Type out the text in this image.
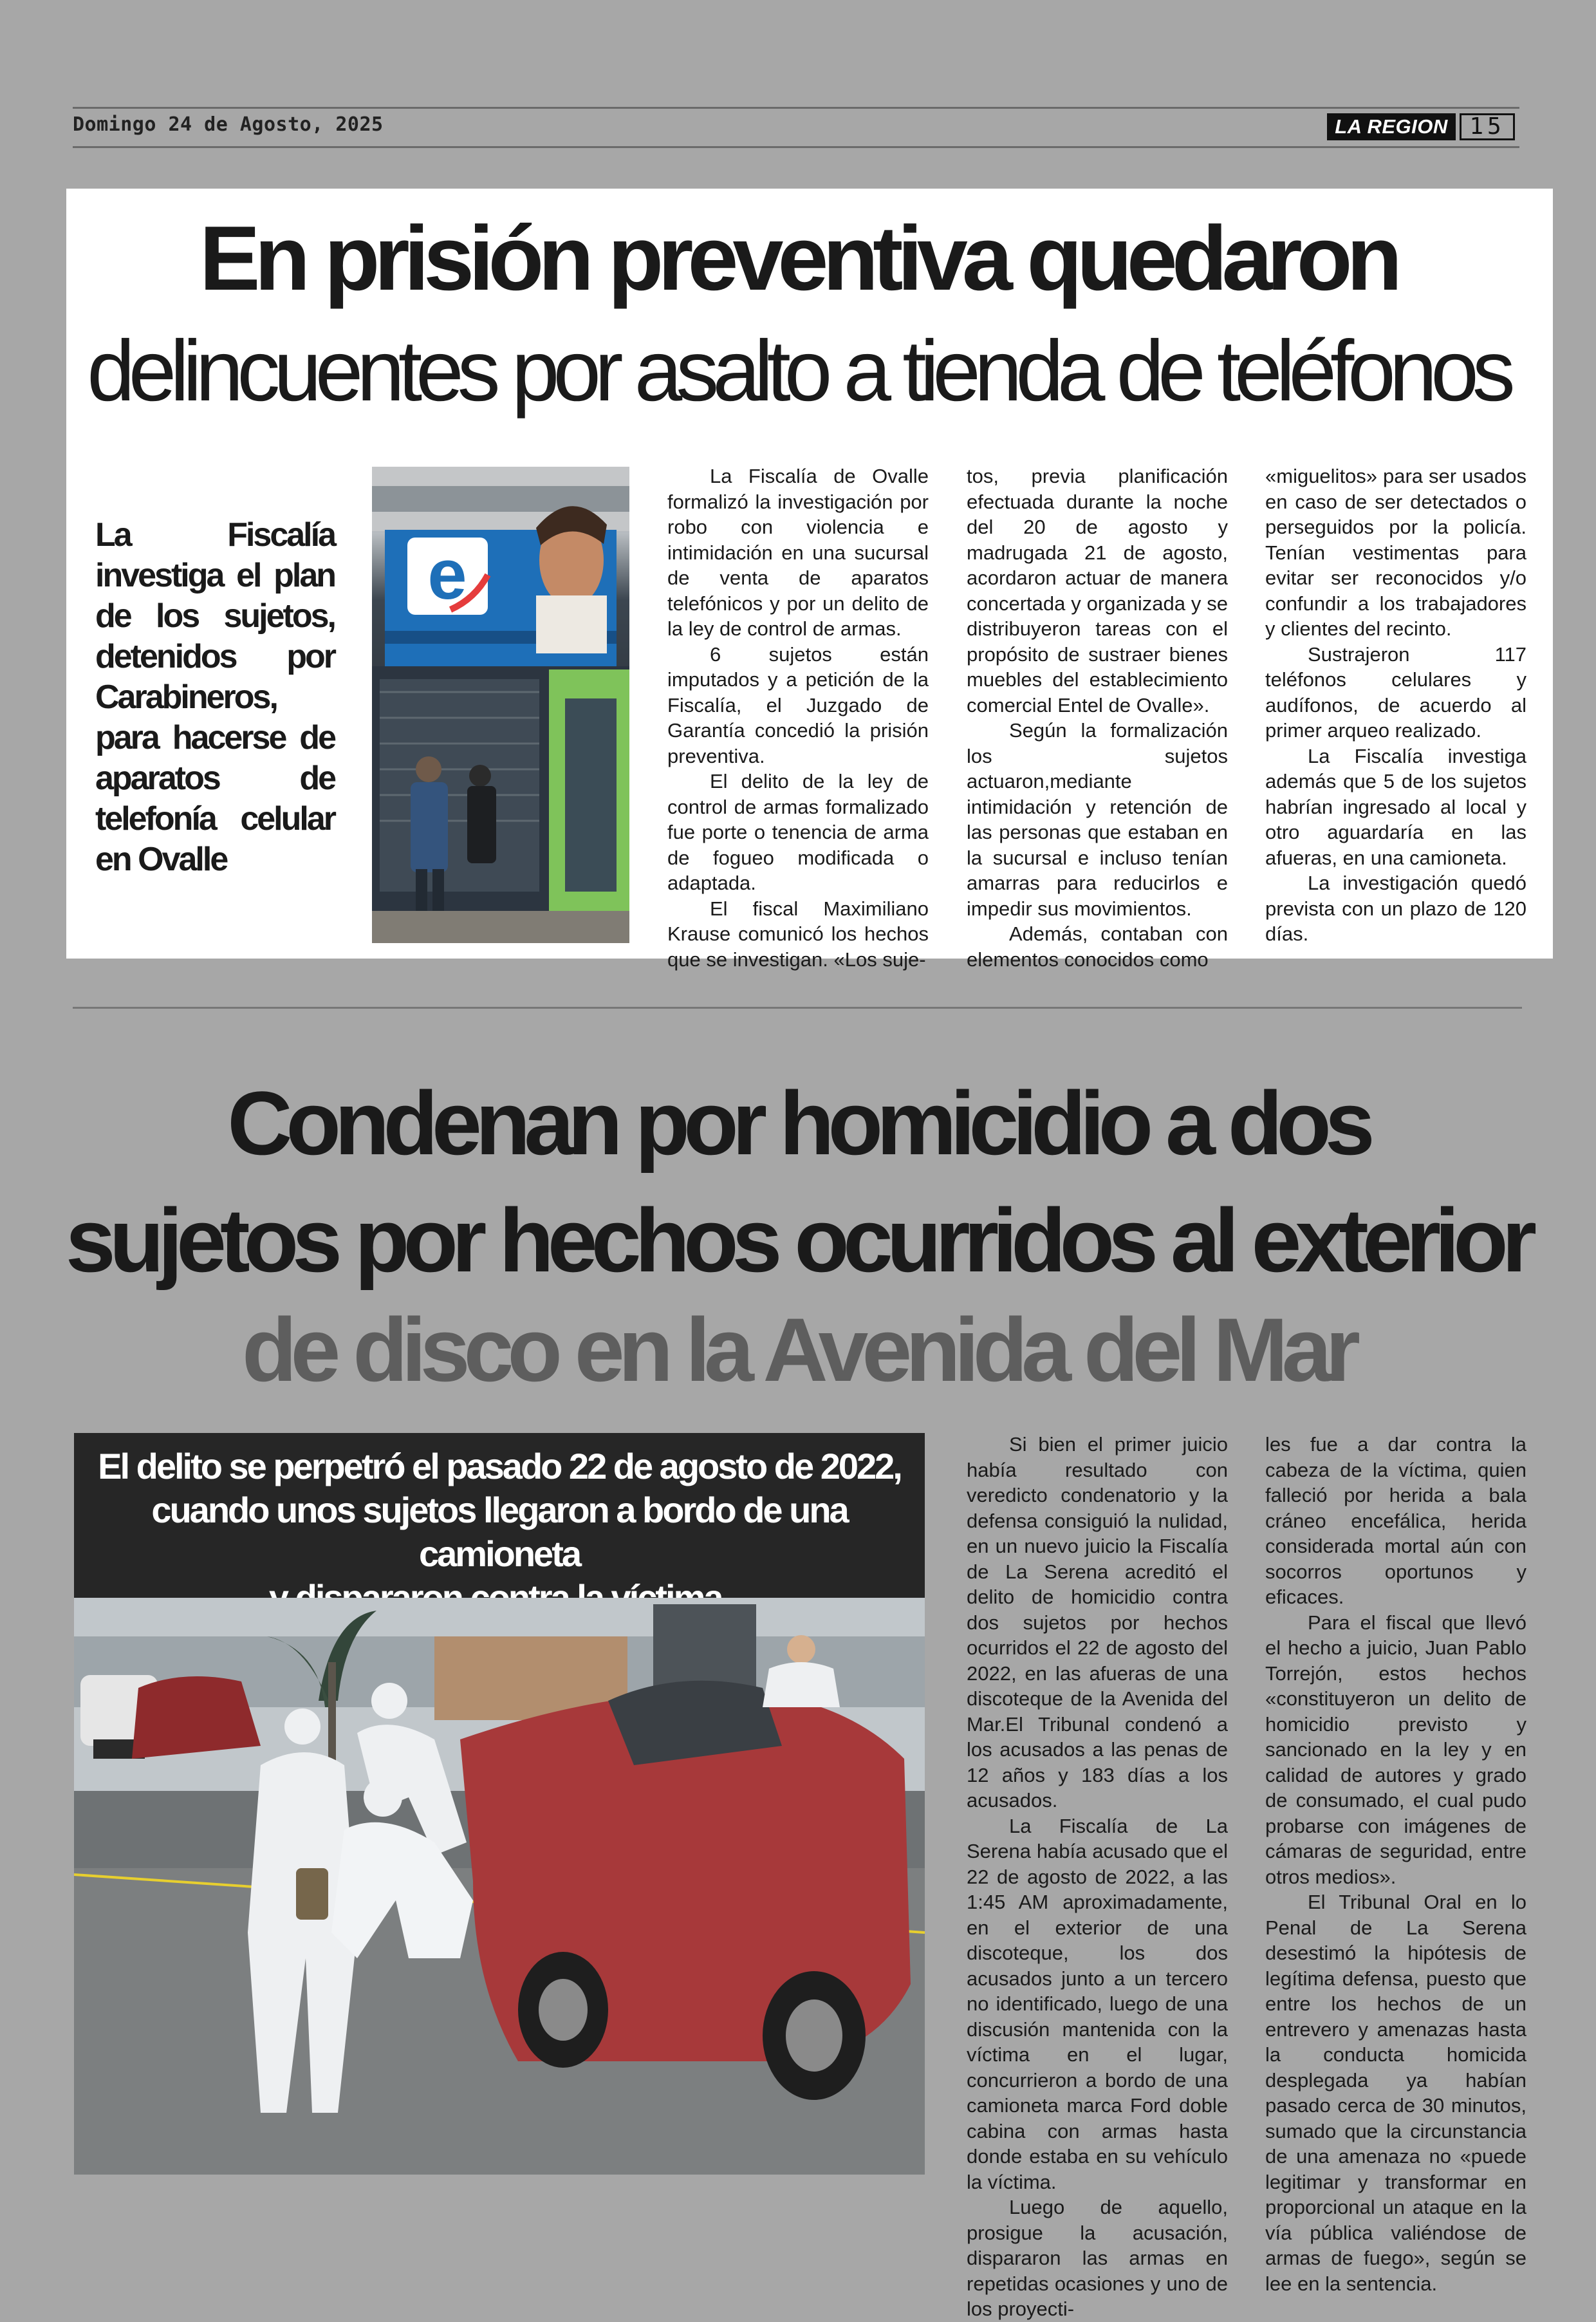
Domingo 24 de Agosto, 2025	LA REGION 15
En prisión preventiva quedaron
delincuentes por asalto a tienda de teléfonos
La Fiscalía investiga el plan de los sujetos, detenidos por Carabineros, para hacerse de aparatos de telefonía celular en Ovalle
e

La Fiscalía de Ovalle formalizó la investigación por robo con violencia e intimidación en una sucursal de venta de aparatos telefónicos y por un delito de la ley de control de armas.

6 sujetos están imputados y a petición de la Fiscalía, el Juzgado de Garantía concedió la prisión preventiva.

El delito de la ley de control de armas formalizado fue porte o tenencia de arma de fogueo modificada o adaptada.

El fiscal Maximiliano Krause comunicó los hechos que se investigan. «Los suje-

tos, previa planificación efectuada durante la noche del 20 de agosto y madrugada 21 de agosto, acordaron actuar de manera concertada y organizada y se distribuyeron tareas con el propósito de sustraer bienes muebles del establecimiento comercial Entel de Ovalle».

Según la formalización los sujetos actuaron,mediante intimidación y retención de las personas que estaban en la sucursal e incluso tenían amarras para reducirlos e impedir sus movimientos.

Además, contaban con elementos conocidos como

«miguelitos» para ser usados en caso de ser detectados o perseguidos por la policía. Tenían vestimentas para evitar ser reconocidos y/o confundir a los trabajadores y clientes del recinto.

Sustrajeron 117 teléfonos celulares y audífonos, de acuerdo al primer arqueo realizado.

La Fiscalía investiga además que 5 de los sujetos habrían ingresado al local y otro aguardaría en las afueras, en una camioneta.

La investigación quedó prevista con un plazo de 120 días.

Condenan por homicidio a dos
sujetos por hechos ocurridos al exterior
de disco en la Avenida del Mar
El delito se perpetró el pasado 22 de agosto de 2022,
cuando unos sujetos llegaron a bordo de una camioneta

Si bien el primer juicio había resultado con veredicto condenatorio y la defensa consiguió la nulidad, en un nuevo juicio la Fiscalía de La Serena acreditó el delito de homicidio contra dos sujetos por hechos ocurridos el 22 de agosto del 2022, en las afueras de una discoteque de la Avenida del Mar.El Tribunal condenó a los acusados a las penas de 12 años y 183 días a los acusados.

La Fiscalía de La Serena había acusado que el 22 de agosto de 2022, a las 1:45 AM aproximadamente, en el exterior de una discoteque, los dos acusados junto a un tercero no identificado, luego de una discusión mantenida con la víctima en el lugar, concurrieron a bordo de una camioneta marca Ford doble cabina con armas hasta donde estaba en su vehículo la víctima.

Luego de aquello, prosigue la acusación, dispararon las armas en repetidas ocasiones y uno de los proyecti-

les fue a dar contra la cabeza de la víctima, quien falleció por herida a bala cráneo encefálica, herida considerada mortal aún con socorros oportunos y eficaces.

Para el fiscal que llevó el hecho a juicio, Juan Pablo Torrejón, estos hechos «constituyeron un delito de homicidio previsto y sancionado en la ley y en calidad de autores y grado de consumado, el cual pudo probarse con imágenes de cámaras de seguridad, entre otros medios».

El Tribunal Oral en lo Penal de La Serena desestimó la hipótesis de legítima defensa, puesto que entre los hechos de un entrevero y amenazas hasta la conducta homicida desplegada ya habían pasado cerca de 30 minutos, sumado que la circunstancia de una amenaza no «puede legitimar y transformar en proporcional un ataque en la vía pública valiéndose de armas de fuego», según se lee en la sentencia.
